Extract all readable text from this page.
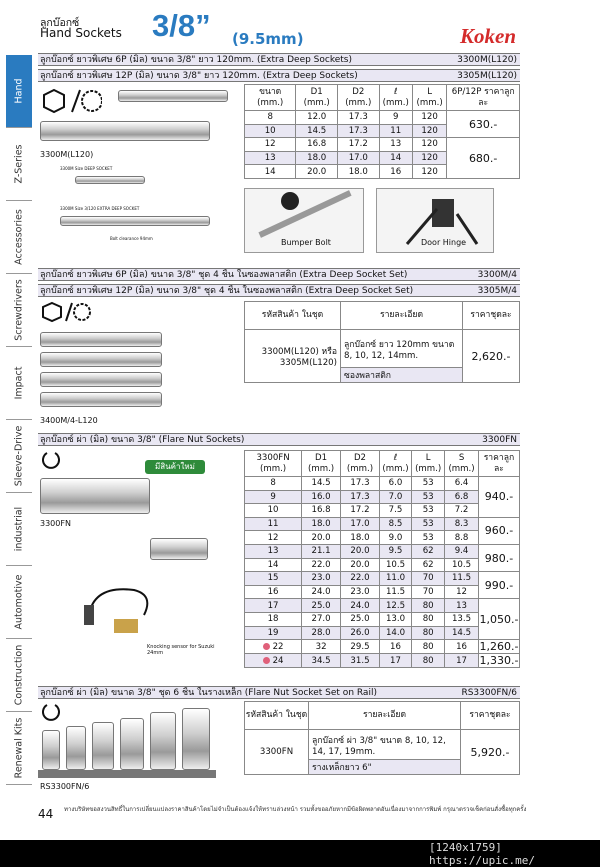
Hand
Z-Series
Accessories
Screwdrivers
Impact
Sleeve-Drive
industrial
Automotive
Construction
Renewal Kits
ลูกบ๊อกซ์
Hand Sockets 3/8” (9.5mm)	Koken
ลูกบ๊อกซ์ ยาวพิเศษ 6P (มิล) ขนาด 3/8" ยาว 120mm. (Extra Deep Sockets)	3300M(L120)
ลูกบ๊อกซ์ ยาวพิเศษ 12P (มิล) ขนาด 3/8" ยาว 120mm. (Extra Deep Sockets)	3305M(L120)
3300M(L120)
3300M Size DEEP SOCKET
3300M Size 3/120 EXTRA DEEP SOCKET
Bolt clearance 94mm
ขนาด (mm.)	D1 (mm.)	D2 (mm.)	ℓ (mm.)	L (mm.)	6P/12P ราคาลูกละ
8	12.0	17.3	9	120	630.-
10	14.5	17.3	11	120	
12	16.8	17.2	13	120	680.-
13	18.0	17.0	14	120	
14	20.0	18.0	16	120	
Bumper Bolt	Door Hinge
ลูกบ๊อกซ์ ยาวพิเศษ 6P (มิล) ขนาด 3/8" ชุด 4 ชิ้น ในซองพลาสติก (Extra Deep Socket Set)	3300M/4
ลูกบ๊อกซ์ ยาวพิเศษ 12P (มิล) ขนาด 3/8" ชุด 4 ชิ้น ในซองพลาสติก (Extra Deep Socket Set)	3305M/4
3400M/4-L120
รหัสสินค้า ในชุด	รายละเอียด	ราคาชุดละ
3300M(L120) หรือ 3305M(L120)	ลูกบ๊อกซ์ ยาว 120mm ขนาด 8, 10, 12, 14mm.	2,620.-
	ซองพลาสติก	
ลูกบ๊อกซ์ ผ่า (มิล) ขนาด 3/8" (Flare Nut Sockets)	3300FN
มีสินค้าใหม่
3300FN
Knocking sensor for Suzuki 24mm
3300FN (mm.)	D1 (mm.)	D2 (mm.)	ℓ (mm.)	L (mm.)	S (mm.)	ราคาลูกละ
8	14.5	17.3	6.0	53	6.4	940.-
9	16.0	17.3	7.0	53	6.8	
10	16.8	17.2	7.5	53	7.2	
11	18.0	17.0	8.5	53	8.3	960.-
12	20.0	18.0	9.0	53	8.8	
13	21.1	20.0	9.5	62	9.4	980.-
14	22.0	20.0	10.5	62	10.5	
15	23.0	22.0	11.0	70	11.5	990.-
16	24.0	23.0	11.5	70	12	
17	25.0	24.0	12.5	80	13	1,050.-
18	27.0	25.0	13.0	80	13.5	
19	28.0	26.0	14.0	80	14.5	
22	32	29.5	16	80	16	1,260.-
24	34.5	31.5	17	80	17	1,330.-
ลูกบ๊อกซ์ ผ่า (มิล) ขนาด 3/8" ชุด 6 ชิ้น ในรางเหล็ก (Flare Nut Socket Set on Rail)	RS3300FN/6
RS3300FN/6
รหัสสินค้า ในชุด	รายละเอียด	ราคาชุดละ
3300FN	ลูกบ๊อกซ์ ผ่า 3/8" ขนาด 8, 10, 12, 14, 17, 19mm.	5,920.-
	รางเหล็กยาว 6"	
44 ทางบริษัทขอสงวนสิทธิ์ในการเปลี่ยนแปลงราคาสินค้าโดยไม่จำเป็นต้องแจ้งให้ทราบล่วงหน้า รวมทั้งขออภัยหากมีข้อผิดพลาดอันเนื่องมาจากการพิมพ์ กรุณาตรวจเช็คก่อนสั่งซื้อทุกครั้ง
[1240x1759] https://upic.me/
